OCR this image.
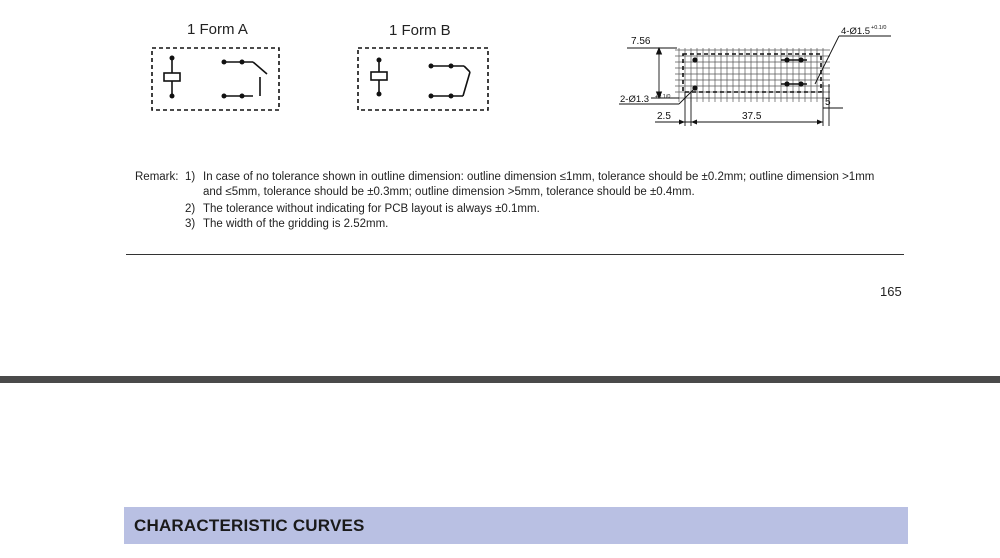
1 Form A	1 Form B
7.56
2-Ø1.3 +0.1/0
4-Ø1.5 +0.1/0
2.5	37.5
5
Remark: 1) In case of no tolerance shown in outline dimension: outline dimension ≤1mm, tolerance should be ±0.2mm; outline dimension >1mm
and ≤5mm, tolerance should be ±0.3mm; outline dimension >5mm, tolerance should be ±0.4mm.
2) The tolerance without indicating for PCB layout is always ±0.1mm.
3) The width of the gridding is 2.52mm.
165
CHARACTERISTIC CURVES
